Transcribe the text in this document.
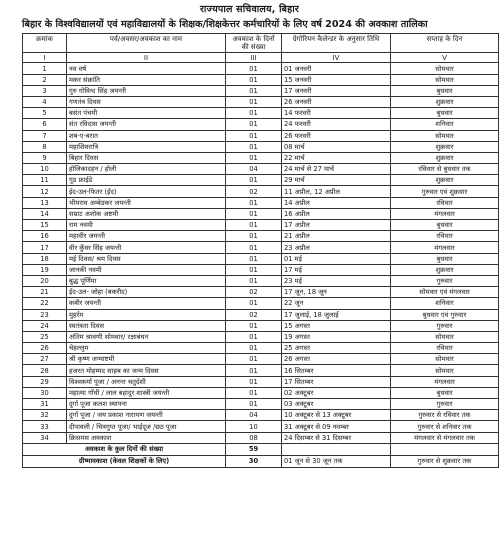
राज्यपाल सचिवालय, बिहार
बिहार के विश्वविद्यालयों एवं महाविद्यालयों के शिक्षक/शिक्षकेत्तर कर्मचारियों के लिए वर्ष 2024 की अवकाश तालिका
क्रमांक	पर्व/अवसर/अवकाश का नाम	अवकाश के दिनों की संख्या	ग्रेगोरियन कैलेन्डर के अनुसार तिथि	सप्ताह के दिन
I	II	III	IV	V
1	नव वर्ष	01	01 जनवरी	सोमवार
2	मकर संक्रांति	01	15 जनवरी	सोमवार
3	गुरु गोविन्द सिंह जयन्ती	01	17 जनवरी	बुधवार
4	गणतंत्र दिवस	01	26 जनवरी	शुक्रवार
5	बसंत पंचमी	01	14 फरवरी	बुधवार
6	संत रविदास जयन्ती	01	24 फरवरी	शनिवार
7	शब-ए-बरात	01	26 फरवरी	सोमवार
8	महाशिवरात्रि	01	08 मार्च	शुक्रवार
9	बिहार दिवस	01	22 मार्च	शुक्रवार
10	होलिकादहन / होली	04	24 मार्च से 27 मार्च	रविवार से बुधवार तक
11	गुड फ्राईडे	01	29 मार्च	शुक्रवार
12	ईद-उल-फितर (ईद)	02	11 अप्रील, 12 अप्रील	गुरुवार एवं शुक्रवार
13	भीमराव अम्बेडकर जयन्ती	01	14 अप्रील	रविवार
14	सम्राट अशोक अष्टमी	01	16 अप्रील	मंगलवार
15	राम नवमी	01	17 अप्रील	बुधवार
16	महावीर जयन्ती	01	21 अप्रील	रविवार
17	वीर कुँवर सिंह जयन्ती	01	23 अप्रील	मंगलवार
18	मई दिवस/ श्रम दिवस	01	01 मई	बुधवार
19	जानकी नवमी	01	17 मई	शुक्रवार
20	बुद्ध पूर्णिमा	01	23 मई	गुरुवार
21	ईद-उल- जोहा (बकरीद)	02	17 जून, 18 जून	सोमवार एवं मंगलवार
22	कबीर जयन्ती	01	22 जून	शनिवार
23	मुहर्रम	02	17 जुलाई, 18 जुलाई	बुधवार एवं गुरुवार
24	स्वतंत्रता दिवस	01	15 अगस्त	गुरुवार
25	अंतिम श्रावणी सोमवार/ रक्षाबंधन	01	19 अगस्त	सोमवार
26	चेहल्लुम	01	25 अगस्त	रविवार
27	श्री कृष्ण जन्माष्टमी	01	26 अगस्त	सोमवार
28	हजरत मोहम्मद साहब का जन्म दिवस	01	16 सितम्बर	सोमवार
29	विश्वकर्मा पूजा / अनन्त चतुर्दशी	01	17 सितम्बर	मंगलवार
30	महात्मा गाँधी / लाल बहादुर शास्त्री जयन्ती	01	02 अक्टूबर	बुधवार
31	दुर्गा पूजा कलश स्थापना	01	03 अक्टूबर	गुरुवार
32	दुर्गा पूजा / जय प्रकाश नारायण जयन्ती	04	10 अक्टूबर से 13 अक्टूबर	गुरुवार से रविवार तक
33	दीपावली / चित्रगुप्त पूजा/ भाईदूज /छठ पूजा	10	31 अक्टूबर से 09 नवम्बर	गुरुवार से शनिवार तक
34	क्रिसमस अवकाश	08	24 दिसम्बर से 31 दिसम्बर	मंगलवार से मंगलवार तक
अवकाश के कुल दिनों की संख्या		59		
ग्रीष्मावकाश (केवल शिक्षकों के लिए)		30	01 जून से 30 जून तक	गुरुवार से शुक्रवार तक
